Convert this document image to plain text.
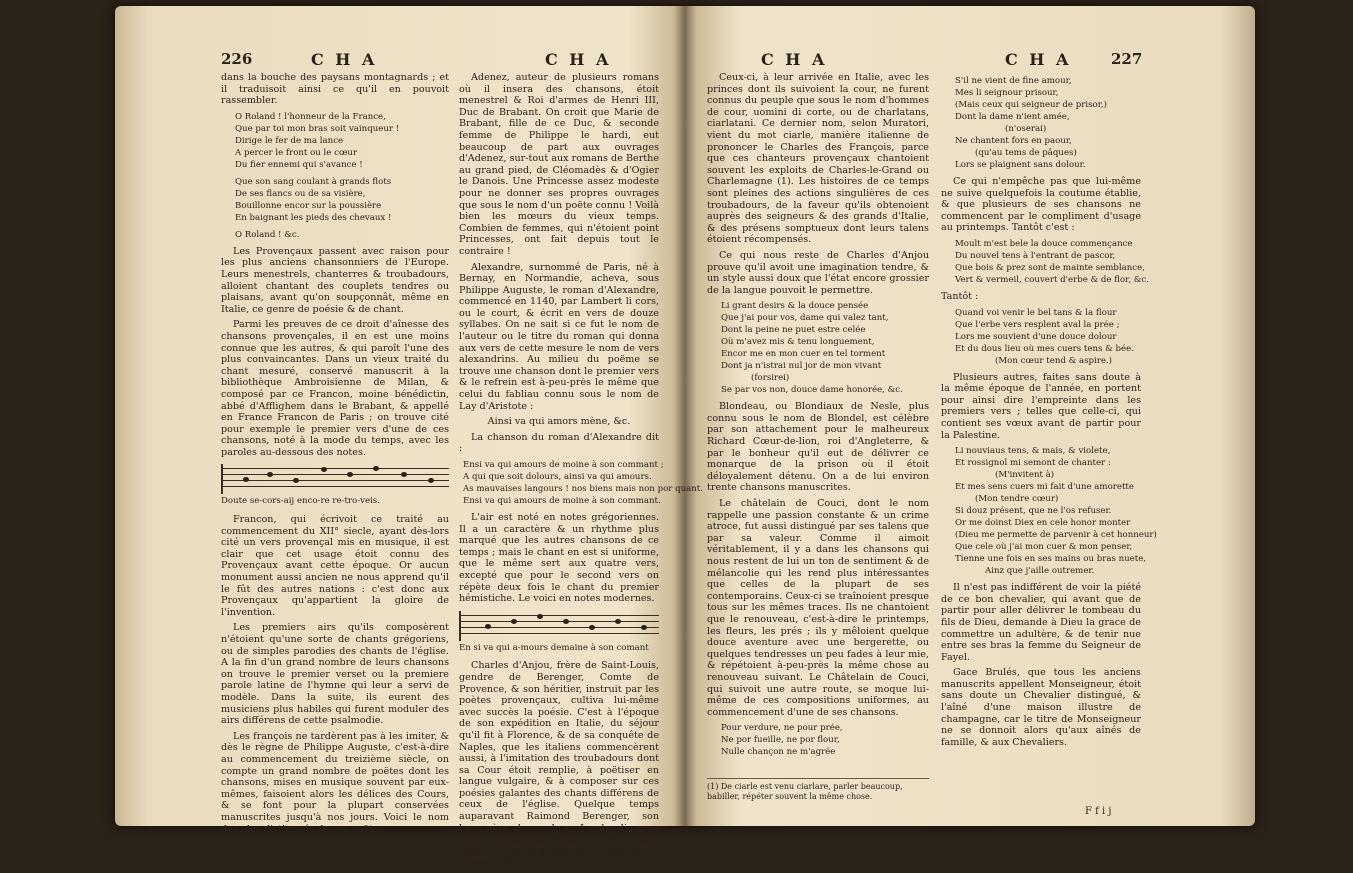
226	C H A	C H A

dans la bouche des paysans montagnards ; et il traduisoit ainsi ce qu'il en pouvoit rassembler.

O Roland ! l'honneur de la France,
Que par toi mon bras soit vainqueur !
Dirige le fer de ma lance
A percer le front ou le cœur
Du fier ennemi qui s'avance !
Que son sang coulant à grands flots
De ses flancs ou de sa visière,
Bouillonne encor sur la poussière
En baignant les pieds des chevaux !
O Roland ! &c.

Les Provençaux passent avec raison pour les plus anciens chansonniers de l'Europe. Leurs menestrels, chanterres & troubadours, alloient chantant des couplets tendres ou plaisans, avant qu'on soupçonnât, même en Italie, ce genre de poésie & de chant.

Parmi les preuves de ce droit d'aînesse des chansons provençales, il en est une moins connue que les autres, & qui paroît l'une des plus convaincantes. Dans un vieux traité du chant mesuré, conservé manuscrit à la bibliothèque Ambroisienne de Milan, & composé par ce Francon, moine bénédictin, abbé d'Afflighem dans le Brabant, & appellé en France Francon de Paris ; on trouve cité pour exemple le premier vers d'une de ces chansons, noté à la mode du temps, avec les paroles au-dessous des notes.

Doute se-cors-aij enco-re re-tro-veis.

Francon, qui écrivoit ce traité au commencement du XII° siecle, ayant dès-lors cité un vers provençal mis en musique, il est clair que cet usage étoit connu des Provençaux avant cette époque. Or aucun monument aussi ancien ne nous apprend qu'il le fût des autres nations : c'est donc aux Provençaux qu'appartient la gloire de l'invention.

Les premiers airs qu'ils composèrent n'étoient qu'une sorte de chants grégoriens, ou de simples parodies des chants de l'église. A la fin d'un grand nombre de leurs chansons on trouve le premier verset ou la premiere parole latine de l'hymne qui leur a servi de modèle. Dans la suite, ils eurent des musiciens plus habiles qui furent moduler des airs différens de cette psalmodie.

Les françois ne tardèrent pas à les imiter, & dès le règne de Philippe Auguste, c'est-à-dire au commencement du treizième siècle, on compte un grand nombre de poëtes dont les chansons, mises en musique souvent par eux-mêmes, faisoient alors les délices des Cours, & se font pour la plupart conservées manuscrites jusqu'à nos jours. Voici le nom des plus distingués de ces poëtes.

Adenez, auteur de plusieurs romans où il insera des chansons, étoit menestrel & Roi d'armes de Henri III, Duc de Brabant. On croit que Marie de Brabant, fille de ce Duc, & seconde femme de Philippe le hardi, eut beaucoup de part aux ouvrages d'Adenez, sur-tout aux romans de Berthe au grand pied, de Cléomadès & d'Ogier le Danois. Une Princesse assez modeste pour ne donner ses propres ouvrages que sous le nom d'un poëte connu ! Voilà bien les mœurs du vieux temps. Combien de femmes, qui n'étoient point Princesses, ont fait depuis tout le contraire !

Alexandre, surnommé de Paris, né à Bernay, en Normandie, acheva, sous Philippe Auguste, le roman d'Alexandre, commencé en 1140, par Lambert li cors, ou le court, & écrit en vers de douze syllabes. On ne sait si ce fut le nom de l'auteur ou le titre du roman qui donna aux vers de cette mesure le nom de vers alexandrins. Au milieu du poëme se trouve une chanson dont le premier vers & le refrein est à-peu-près le même que celui du fabliau connu sous le nom de Lay d'Aristote :

Ainsi va qui amors mène, &c.

La chanson du roman d'Alexandre dit :

Ensi va qui amours de moine à son commant ;
A qui que soit dolours, ainsi va qui amours.
As mauvaises langours ! nos biens mais non por quant.
Ensi va qui amours de moine à son commant.

L'air est noté en notes grégoriennes. Il a un caractère & un rhythme plus marqué que les autres chansons de ce temps ; mais le chant en est si uniforme, que le même sert aux quatre vers, excepté que pour le second vers on répète deux fois le chant du premier hémistiche. Le voici en notes modernes.

En si va qui a-mours demaine à son comant

Charles d'Anjou, frère de Saint-Louis, gendre de Berenger, Comte de Provence, & son héritier, instruit par les poètes provençaux, cultiva lui-même avec succès la poésie. C'est à l'époque de son expédition en Italie, du séjour qu'il fit à Florence, & de sa conquête de Naples, que les italiens commencèrent aussi, à l'imitation des troubadours dont sa Cour étoit remplie, à poëtiser en langue vulgaire, & à composer sur ces poésies galantes des chants différens de ceux de l'église. Quelque temps auparavant Raimond Berenger, son beau-père, descendu en Lombardie pour visiter l'empereur Frédéric I, avoit aussi mené à sa suite plusieurs troubadours & menestrels.

C H A	C H A	227

Ceux-ci, à leur arrivée en Italie, avec les princes dont ils suivoient la cour, ne furent connus du peuple que sous le nom d'hommes de cour, uomini di corte, ou de charlatans, ciarlatani. Ce dernier nom, selon Muratori, vient du mot ciarle, manière italienne de prononcer le Charles des François, parce que ces chanteurs provençaux chantoient souvent les exploits de Charles-le-Grand ou Charlemagne (1). Les histoires de ce temps sont pleines des actions singulières de ces troubadours, de la faveur qu'ils obtenoient auprès des seigneurs & des grands d'Italie, & des présens somptueux dont leurs talens étoient récompensés.

Ce qui nous reste de Charles d'Anjou prouve qu'il avoit une imagination tendre, & un style aussi doux que l'état encore grossier de la langue pouvoit le permettre.

Li grant desirs & la douce pensée
Que j'ai pour vos, dame qui valez tant,
Dont la peine ne puet estre celée
Où m'avez mis & tenu longuement,
Encor me en mon cuer en tel torment
Dont ja n'istrai nul jor de mon vivant
(forsirei)
Se par vos non, douce dame honorée, &c.

Blondeau, ou Blondiaux de Nesle, plus connu sous le nom de Blondel, est célèbre par son attachement pour le malheureux Richard Cœur-de-lion, roi d'Angleterre, & par le bonheur qu'il eut de délivrer ce monarque de la prison où il étoit déloyalement détenu. On a de lui environ trente chansons manuscrites.

Le châtelain de Couci, dont le nom rappelle une passion constante & un crime atroce, fut aussi distingué par ses talens que par sa valeur. Comme il aimoit véritablement, il y a dans les chansons qui nous restent de lui un ton de sentiment & de mélancolie qui les rend plus intéressantes que celles de la plupart de ses contemporains. Ceux-ci se traînoient presque tous sur les mêmes traces. Ils ne chantoient que le renouveau, c'est-à-dire le printemps, les fleurs, les prés ; ils y mêloient quelque douce aventure avec une bergerette, ou quelques tendresses un peu fades à leur mie, & répétoient à-peu-près la même chose au renouveau suivant. Le Châtelain de Couci, qui suivoit une autre route, se moque lui-même de ces compositions uniformes, au commencement d'une de ses chansons.

Pour verdure, ne pour prée,
Ne por fueille, ne por flour,
Nulle chançon ne m'agrée
(1) De ciarle est venu ciarlare, parler beaucoup, babiller, répéter souvent la même chose.
S'il ne vient de fine amour,
Mes li seignour prisour,
(Mais ceux qui seigneur de prisor,)
Dont la dame n'ient amée,
(n'oserai)
Ne chantent fors en paour,
(qu'au tems de pâques)
Lors se plaignent sans dolour.

Ce qui n'empêche pas que lui-même ne suive quelquefois la coutume établie, & que plusieurs de ses chansons ne commencent par le compliment d'usage au printemps. Tantôt c'est :

Moult m'est bele la douce commençance
Du nouvel tens à l'entrant de pascor,
Que bois & prez sont de mainte semblance,
Vert & vermeil, couvert d'erbe & de flor, &c.

Tantôt :

Quand voi venir le bel tans & la flour
Que l'erbe vers resplent aval la prée ;
Lors me souvient d'une douce dolour
Et du dous lieu où mes cuers tens & bée.
(Mon cœur tend & aspire.)

Plusieurs autres, faites sans doute à la même époque de l'année, en portent pour ainsi dire l'empreinte dans les premiers vers ; telles que celle-ci, qui contient ses vœux avant de partir pour la Palestine.

Li nouviaus tens, & mais, & violete,
Et rossignol mi semont de chanter :
(M'invitent à)
Et mes sens cuers mi fait d'une amorette
(Mon tendre cœur)
Si douz présent, que ne l'os refuser.
Or me doinst Diex en cele honor monter
(Dieu me permette de parvenir à cet honneur)
Que cele où j'ai mon cuer & mon penser,
Tienne une fois en ses mains ou bras nuete,
Ainz que j'aille outremer.

Il n'est pas indifférent de voir la piété de ce bon chevalier, qui avant que de partir pour aller délivrer le tombeau du fils de Dieu, demande à Dieu la grace de commettre un adultère, & de tenir nue entre ses bras la femme du Seigneur de Fayel.

Gace Brulés, que tous les anciens manuscrits appellent Monseigneur, étoit sans doute un Chevalier distingué, & l'aîné d'une maison illustre de champagne, car le titre de Monseigneur ne se donnoit alors qu'aux aînés de famille, & aux Chevaliers.

F f i j
